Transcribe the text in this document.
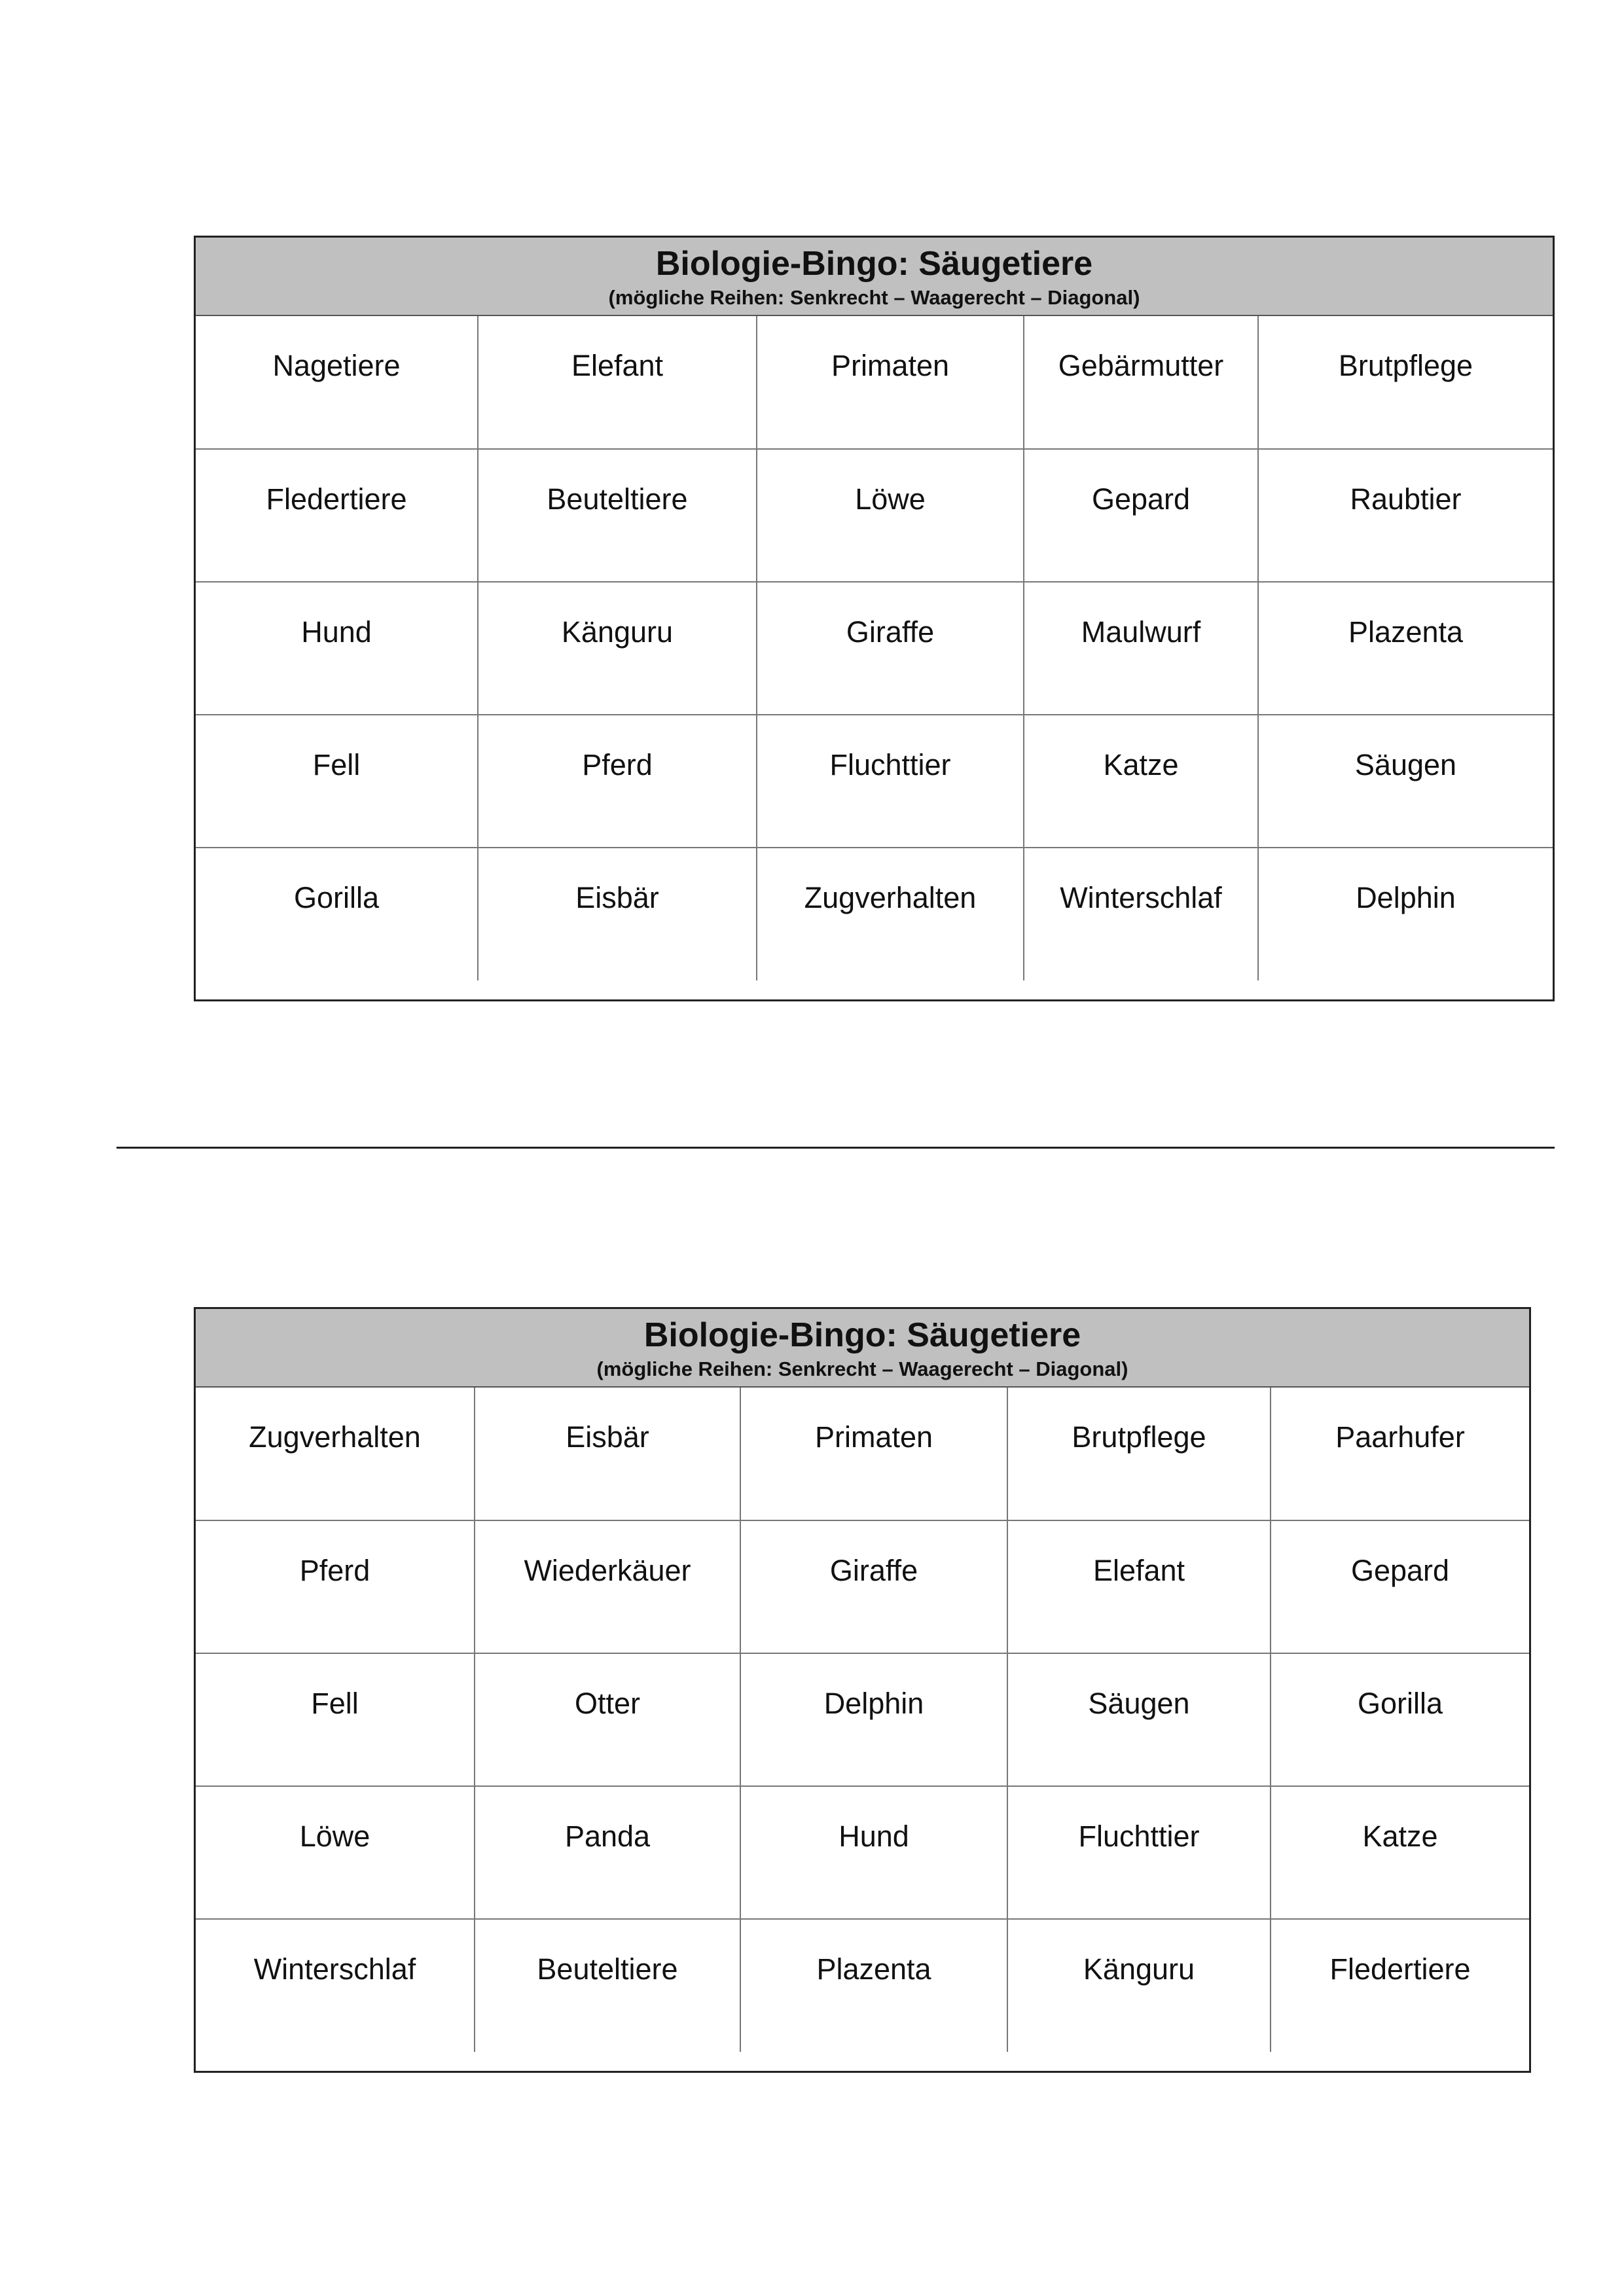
Biologie-Bingo: Säugetiere
(mögliche Reihen: Senkrecht – Waagerecht – Diagonal)
Nagetiere	Elefant	Primaten	Gebärmutter	Brutpflege
Fledertiere	Beuteltiere	Löwe	Gepard	Raubtier
Hund	Känguru	Giraffe	Maulwurf	Plazenta
Fell	Pferd	Fluchttier	Katze	Säugen
Gorilla	Eisbär	Zugverhalten	Winterschlaf	Delphin
Biologie-Bingo: Säugetiere
(mögliche Reihen: Senkrecht – Waagerecht – Diagonal)
Zugverhalten	Eisbär	Primaten	Brutpflege	Paarhufer
Pferd	Wiederkäuer	Giraffe	Elefant	Gepard
Fell	Otter	Delphin	Säugen	Gorilla
Löwe	Panda	Hund	Fluchttier	Katze
Winterschlaf	Beuteltiere	Plazenta	Känguru	Fledertiere
